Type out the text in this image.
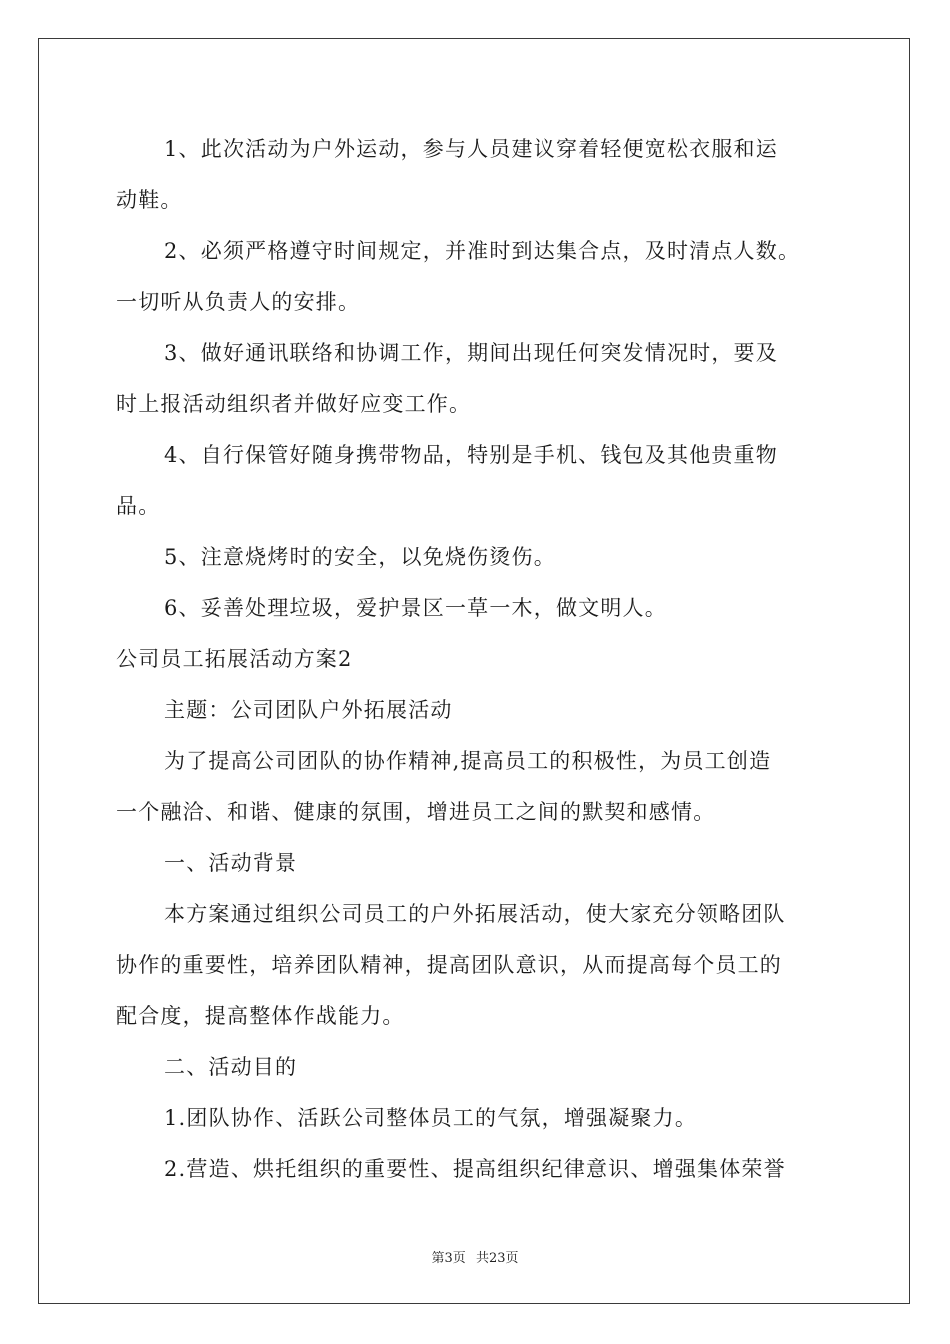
1、此次活动为户外运动，参与人员建议穿着轻便宽松衣服和运
动鞋。
2、必须严格遵守时间规定，并准时到达集合点，及时清点人数。
一切听从负责人的安排。
3、做好通讯联络和协调工作，期间出现任何突发情况时，要及
时上报活动组织者并做好应变工作。
4、自行保管好随身携带物品，特别是手机、钱包及其他贵重物
品。
5、注意烧烤时的安全，以免烧伤烫伤。
6、妥善处理垃圾，爱护景区一草一木，做文明人。
公司员工拓展活动方案2
主题：公司团队户外拓展活动
为了提高公司团队的协作精神,提高员工的积极性，为员工创造
一个融洽、和谐、健康的氛围，增进员工之间的默契和感情。
一、活动背景
本方案通过组织公司员工的户外拓展活动，使大家充分领略团队
协作的重要性，培养团队精神，提高团队意识，从而提高每个员工的
配合度，提高整体作战能力。
二、活动目的
1.团队协作、活跃公司整体员工的气氛，增强凝聚力。
2.营造、烘托组织的重要性、提高组织纪律意识、增强集体荣誉
第3页 共23页
